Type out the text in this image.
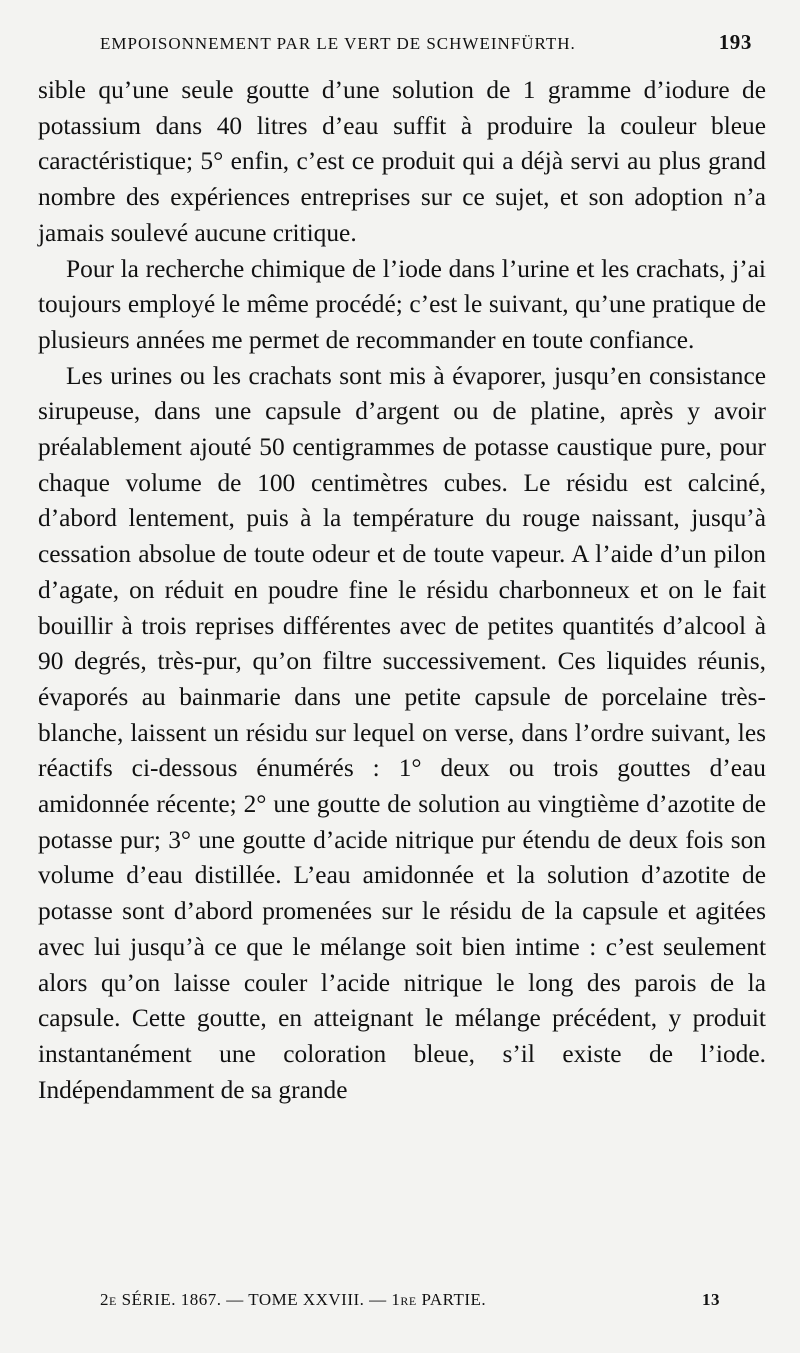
EMPOISONNEMENT PAR LE VERT DE SCHWEINFÜRTH.	193

sible qu’une seule goutte d’une solution de 1 gramme d’iodure de potassium dans 40 litres d’eau suffit à produire la couleur bleue caractéristique; 5° enfin, c’est ce produit qui a déjà servi au plus grand nombre des expériences entreprises sur ce sujet, et son adoption n’a jamais soulevé aucune critique.

Pour la recherche chimique de l’iode dans l’urine et les crachats, j’ai toujours employé le même procédé; c’est le suivant, qu’une pratique de plusieurs années me permet de recommander en toute confiance.

Les urines ou les crachats sont mis à évaporer, jusqu’en consistance sirupeuse, dans une capsule d’argent ou de platine, après y avoir préalablement ajouté 50 centigrammes de potasse caustique pure, pour chaque volume de 100 centimètres cubes. Le résidu est calciné, d’abord lentement, puis à la température du rouge naissant, jusqu’à cessation absolue de toute odeur et de toute vapeur. A l’aide d’un pilon d’agate, on réduit en poudre fine le résidu charbonneux et on le fait bouillir à trois reprises différentes avec de petites quantités d’alcool à 90 degrés, très-pur, qu’on filtre successivement. Ces liquides réunis, évaporés au bainmarie dans une petite capsule de porcelaine très-blanche, laissent un résidu sur lequel on verse, dans l’ordre suivant, les réactifs ci-dessous énumérés : 1° deux ou trois gouttes d’eau amidonnée récente; 2° une goutte de solution au vingtième d’azotite de potasse pur; 3° une goutte d’acide nitrique pur étendu de deux fois son volume d’eau distillée. L’eau amidonnée et la solution d’azotite de potasse sont d’abord promenées sur le résidu de la capsule et agitées avec lui jusqu’à ce que le mélange soit bien intime : c’est seulement alors qu’on laisse couler l’acide nitrique le long des parois de la capsule. Cette goutte, en atteignant le mélange précédent, y produit instantanément une coloration bleue, s’il existe de l’iode. Indépendamment de sa grande

2e SÉRIE. 1867. — TOME XXVIII. — 1re PARTIE.	13
